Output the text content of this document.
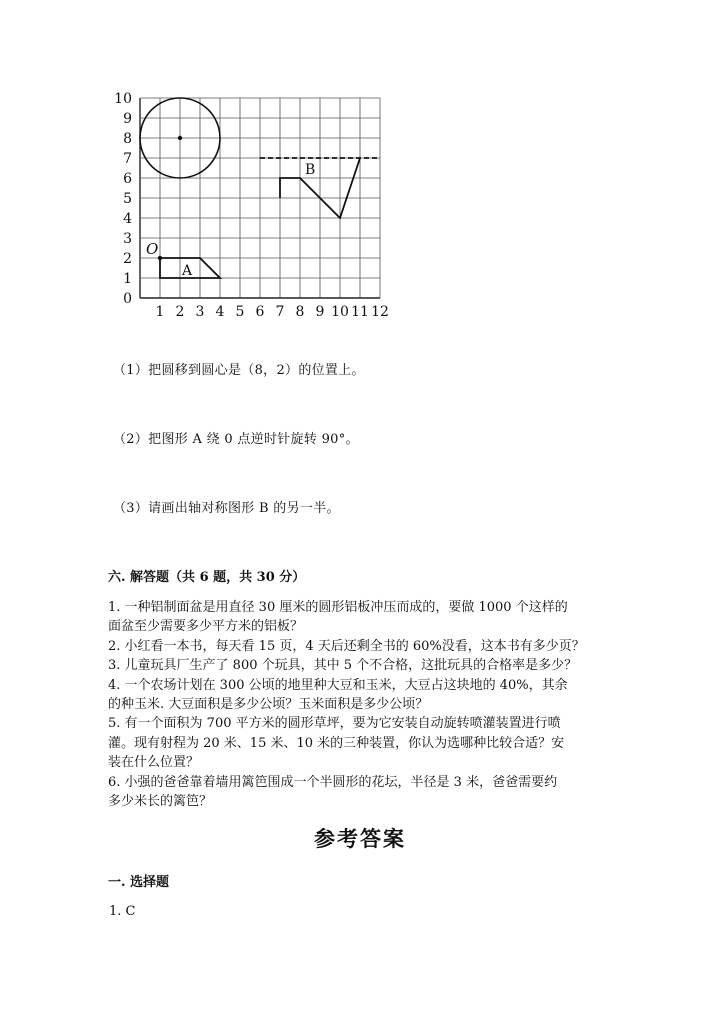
0
1
2
3
4
5
6
7
8
9
10
1 2 3 4 5 6 7 8 9 10 11 12
O
A
B
（1）把圆移到圆心是（8，2）的位置上。
（2）把图形 A 绕 0 点逆时针旋转 90°。
（3）请画出轴对称图形 B 的另一半。
六. 解答题（共 6 题，共 30 分）
1. 一种铝制面盆是用直径 30 厘米的圆形铝板冲压而成的，要做 1000 个这样的
面盆至少需要多少平方米的铝板？
2. 小红看一本书，每天看 15 页，4 天后还剩全书的 60%没看，这本书有多少页？
3. 儿童玩具厂生产了 800 个玩具，其中 5 个不合格，这批玩具的合格率是多少？
4. 一个农场计划在 300 公顷的地里种大豆和玉米，大豆占这块地的 40%，其余
的种玉米. 大豆面积是多少公顷？玉米面积是多少公顷？
5. 有一个面积为 700 平方米的圆形草坪，要为它安装自动旋转喷灌装置进行喷
灌。现有射程为 20 米、15 米、10 米的三种装置，你认为选哪种比较合适？安
装在什么位置？
6. 小强的爸爸靠着墙用篱笆围成一个半圆形的花坛，半径是 3 米，爸爸需要约
多少米长的篱笆？
参考答案
一. 选择题
1. C
